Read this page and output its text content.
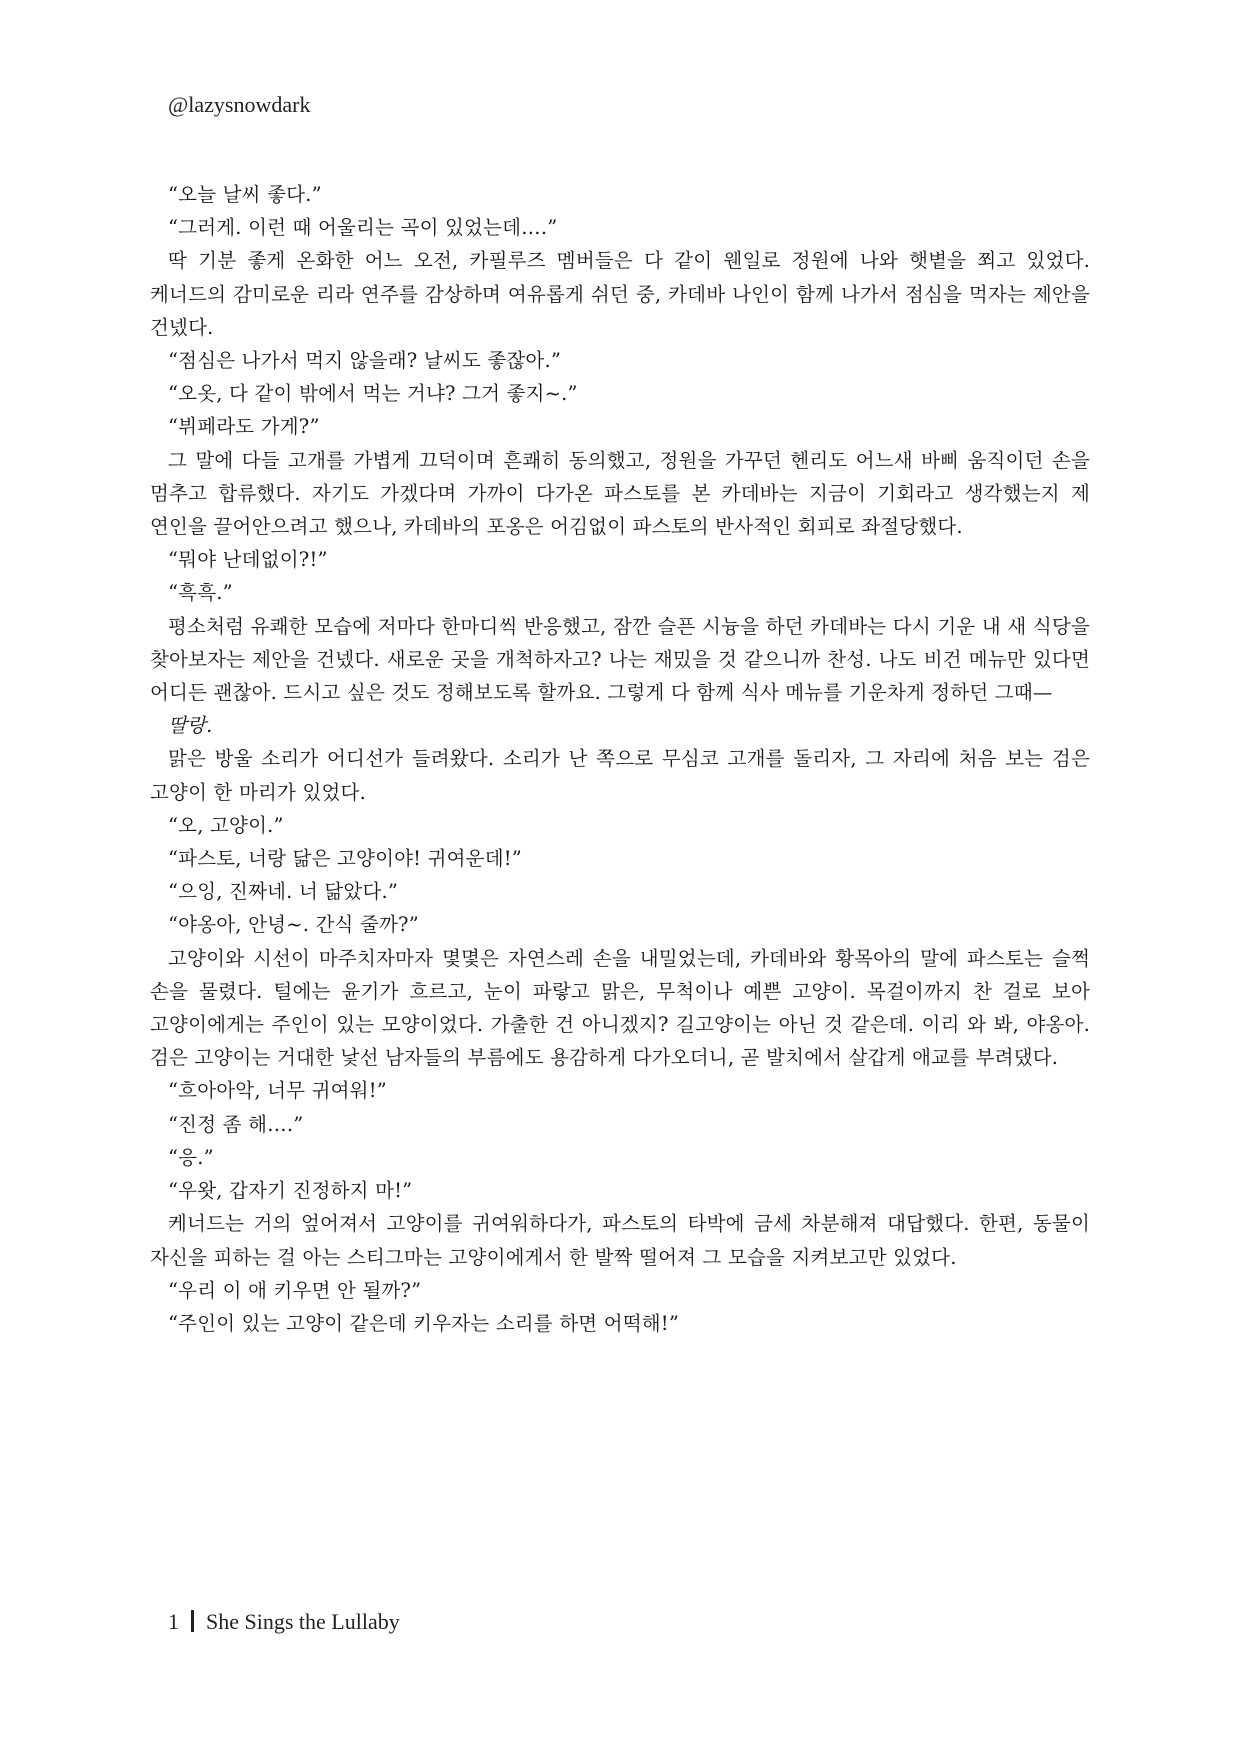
@lazysnowdark

“오늘 날씨 좋다.”

“그러게. 이런 때 어울리는 곡이 있었는데….”

딱 기분 좋게 온화한 어느 오전, 카필루즈 멤버들은 다 같이 웬일로 정원에 나와 햇볕을 쬐고 있었다. 케너드의 감미로운 리라 연주를 감상하며 여유롭게 쉬던 중, 카데바 나인이 함께 나가서 점심을 먹자는 제안을 건넸다.

“점심은 나가서 먹지 않을래? 날씨도 좋잖아.”

“오옷, 다 같이 밖에서 먹는 거냐? 그거 좋지~.”

“뷔페라도 가게?”

그 말에 다들 고개를 가볍게 끄덕이며 흔쾌히 동의했고, 정원을 가꾸던 헨리도 어느새 바삐 움직이던 손을 멈추고 합류했다. 자기도 가겠다며 가까이 다가온 파스토를 본 카데바는 지금이 기회라고 생각했는지 제 연인을 끌어안으려고 했으나, 카데바의 포옹은 어김없이 파스토의 반사적인 회피로 좌절당했다.

“뭐야 난데없이?!”

“흑흑.”

평소처럼 유쾌한 모습에 저마다 한마디씩 반응했고, 잠깐 슬픈 시늉을 하던 카데바는 다시 기운 내 새 식당을 찾아보자는 제안을 건넸다. 새로운 곳을 개척하자고? 나는 재밌을 것 같으니까 찬성. 나도 비건 메뉴만 있다면 어디든 괜찮아. 드시고 싶은 것도 정해보도록 할까요. 그렇게 다 함께 식사 메뉴를 기운차게 정하던 그때—

딸랑.

맑은 방울 소리가 어디선가 들려왔다. 소리가 난 쪽으로 무심코 고개를 돌리자, 그 자리에 처음 보는 검은 고양이 한 마리가 있었다.

“오, 고양이.”

“파스토, 너랑 닮은 고양이야! 귀여운데!”

“으잉, 진짜네. 너 닮았다.”

“야옹아, 안녕~. 간식 줄까?”

고양이와 시선이 마주치자마자 몇몇은 자연스레 손을 내밀었는데, 카데바와 황목아의 말에 파스토는 슬쩍 손을 물렸다. 털에는 윤기가 흐르고, 눈이 파랗고 맑은, 무척이나 예쁜 고양이. 목걸이까지 찬 걸로 보아 고양이에게는 주인이 있는 모양이었다. 가출한 건 아니겠지? 길고양이는 아닌 것 같은데. 이리 와 봐, 야옹아. 검은 고양이는 거대한 낯선 남자들의 부름에도 용감하게 다가오더니, 곧 발치에서 살갑게 애교를 부려댔다.

“흐아아악, 너무 귀여워!”

“진정 좀 해….”

“응.”

“우왓, 갑자기 진정하지 마!”

케너드는 거의 엎어져서 고양이를 귀여워하다가, 파스토의 타박에 금세 차분해져 대답했다. 한편, 동물이 자신을 피하는 걸 아는 스티그마는 고양이에게서 한 발짝 떨어져 그 모습을 지켜보고만 있었다.

“우리 이 애 키우면 안 될까?”

“주인이 있는 고양이 같은데 키우자는 소리를 하면 어떡해!”

1 She Sings the Lullaby
